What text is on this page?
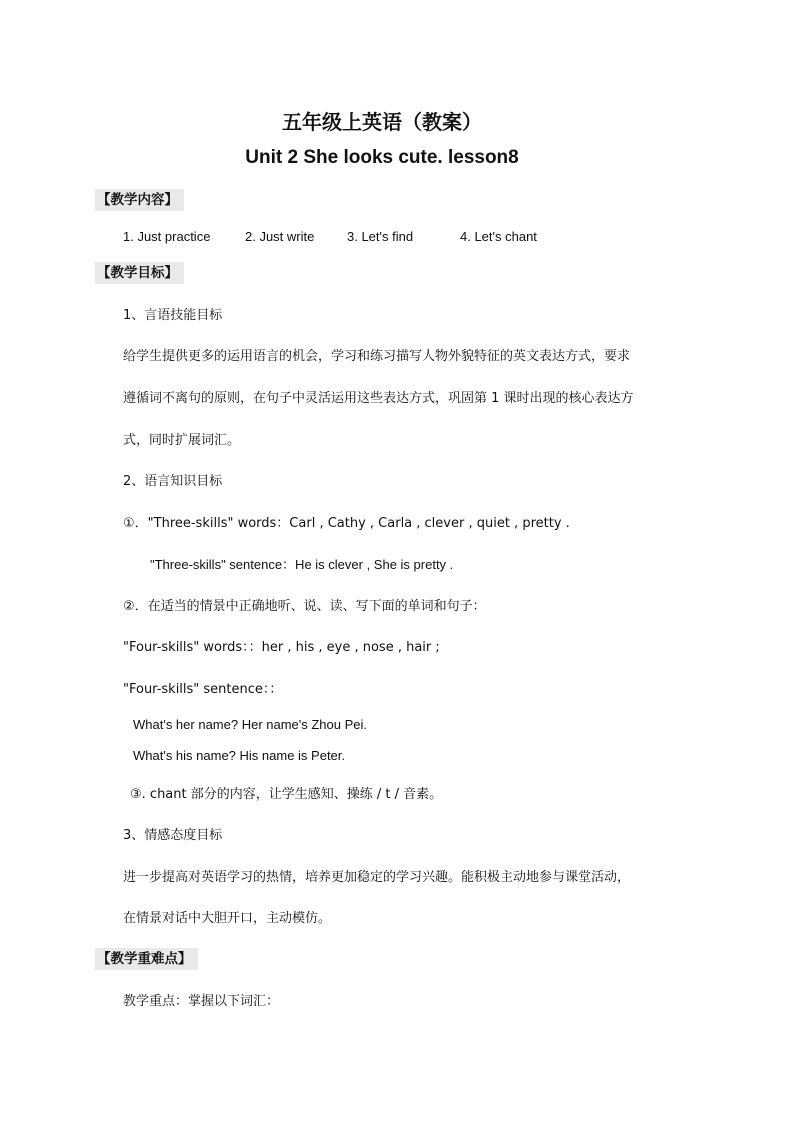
五年级上英语（教案）
Unit 2 She looks cute. lesson8
【教学内容】
1. Just practice	2. Just write	3. Let's find	4. Let's chant
【教学目标】
1、言语技能目标
给学生提供更多的运用语言的机会，学习和练习描写人物外貌特征的英文表达方式，要求
遵循词不离句的原则，在句子中灵活运用这些表达方式，巩固第 1 课时出现的核心表达方
式，同时扩展词汇。
2、语言知识目标
①．"Three-skills" words：Carl , Cathy , Carla , clever , quiet , pretty .
"Three-skills" sentence：He is clever , She is pretty .
②．在适当的情景中正确地听、说、读、写下面的单词和句子：
"Four-skills" words：：her , his , eye , nose , hair ;
"Four-skills" sentence：：
What's her name? Her name's Zhou Pei.
What's his name? His name is Peter.
③. chant 部分的内容，让学生感知、操练 / t / 音素。
3、情感态度目标
进一步提高对英语学习的热情，培养更加稳定的学习兴趣。能积极主动地参与课堂活动，
在情景对话中大胆开口，主动模仿。
【教学重难点】
教学重点：掌握以下词汇：
